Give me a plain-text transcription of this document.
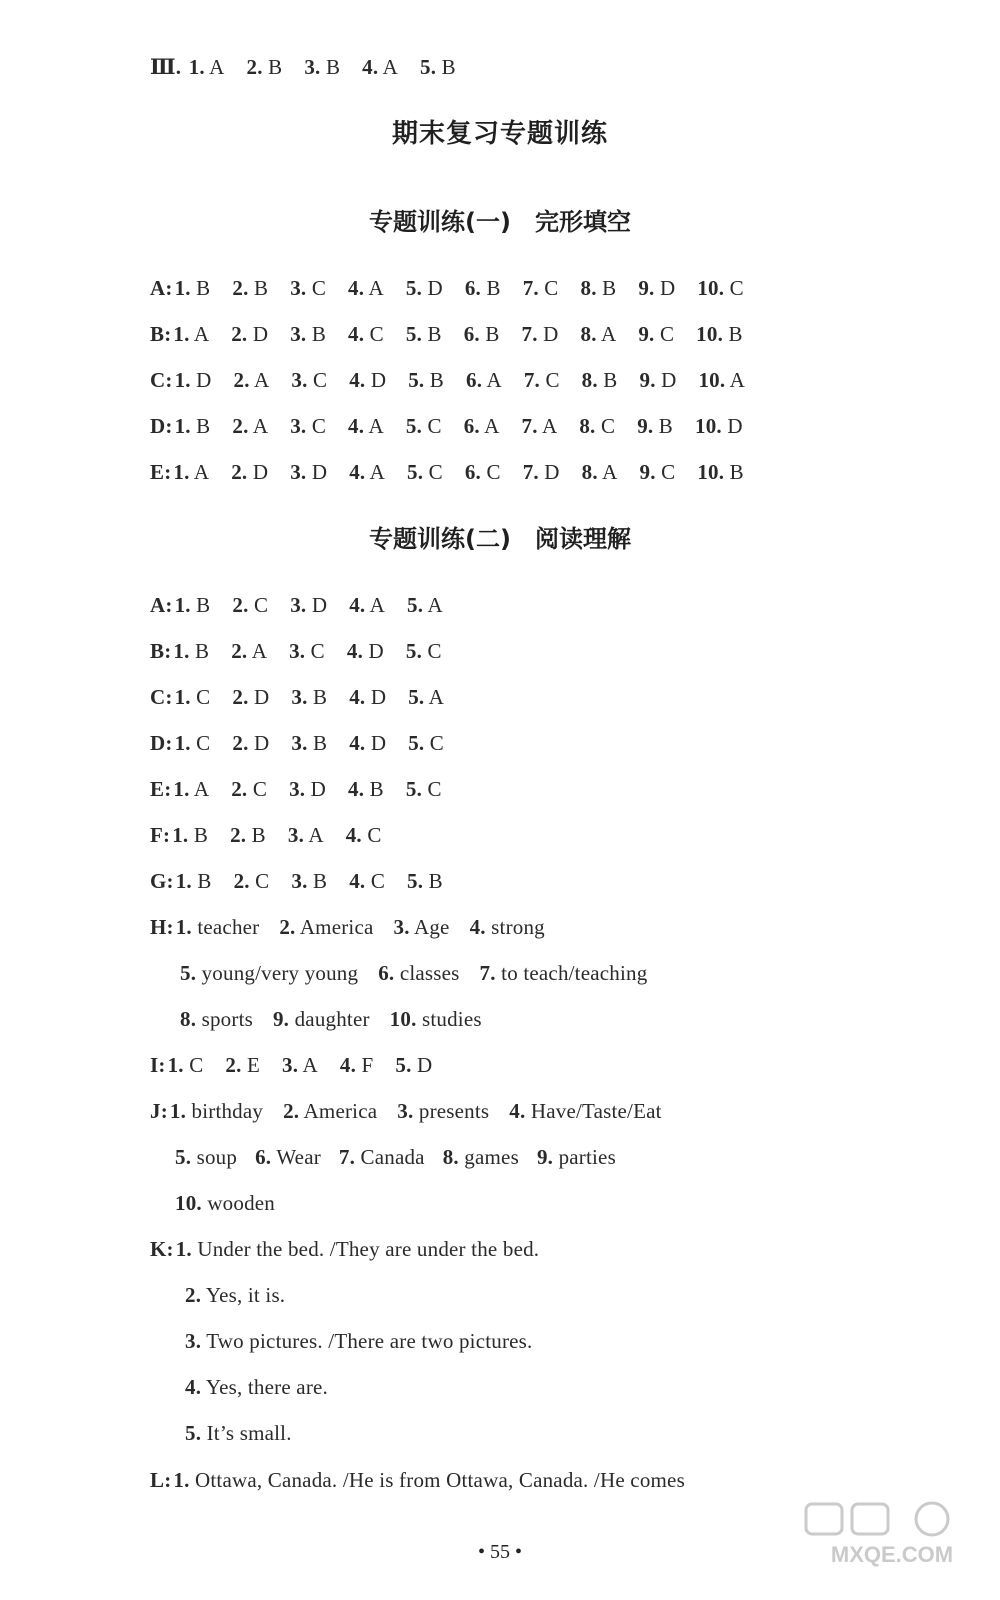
Ⅲ. 1. A 2. B 3. B 4. A 5. B
期末复习专题训练
专题训练(一)　完形填空
A:1. B 2. B 3. C 4. A 5. D 6. B 7. C 8. B 9. D 10. C
B:1. A 2. D 3. B 4. C 5. B 6. B 7. D 8. A 9. C 10. B
C:1. D 2. A 3. C 4. D 5. B 6. A 7. C 8. B 9. D 10. A
D:1. B 2. A 3. C 4. A 5. C 6. A 7. A 8. C 9. B 10. D
E:1. A 2. D 3. D 4. A 5. C 6. C 7. D 8. A 9. C 10. B
专题训练(二)　阅读理解
A:1. B 2. C 3. D 4. A 5. A
B:1. B 2. A 3. C 4. D 5. C
C:1. C 2. D 3. B 4. D 5. A
D:1. C 2. D 3. B 4. D 5. C
E:1. A 2. C 3. D 4. B 5. C
F:1. B 2. B 3. A 4. C
G:1. B 2. C 3. B 4. C 5. B
H:1. teacher 2. America 3. Age 4. strong
5. young/very young 6. classes 7. to teach/teaching
8. sports 9. daughter 10. studies
I:1. C 2. E 3. A 4. F 5. D
J:1. birthday 2. America 3. presents 4. Have/Taste/Eat
5. soup 6. Wear 7. Canada 8. games 9. parties
10. wooden
K:1. Under the bed. /They are under the bed.
2. Yes, it is.
3. Two pictures. /There are two pictures.
4. Yes, there are.
5. It’s small.
L:1. Ottawa, Canada. /He is from Ottawa, Canada. /He comes
• 55 •	MXQE.COM
